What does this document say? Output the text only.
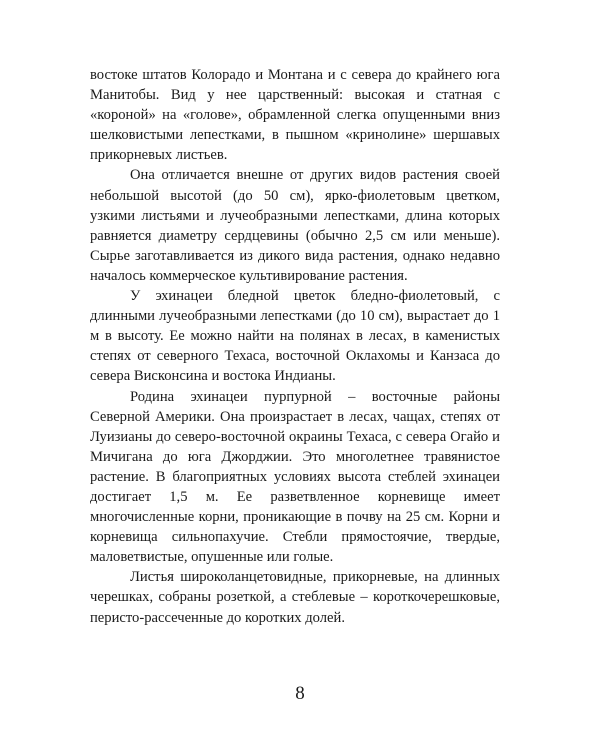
востоке штатов Колорадо и Монтана и с севера до крайнего юга Манитобы. Вид у нее царственный: высокая и статная с «короной» на «голове», обрамленной слегка опущенными вниз шелковистыми лепестками, в пышном «кринолине» шершавых прикорневых листьев.

Она отличается внешне от других видов растения своей небольшой высотой (до 50 см), ярко-фиолетовым цветком, узкими листьями и лучеобразными лепестками, длина которых равняется диаметру сердцевины (обычно 2,5 см или меньше). Сырье заготавливается из дикого вида растения, однако недавно началось коммерческое культивирование растения.

У эхинацеи бледной цветок бледно-фиолетовый, с длинными лучеобразными лепестками (до 10 см), вырастает до 1 м в высоту. Ее можно найти на полянах в лесах, в каменистых степях от северного Техаса, восточной Оклахомы и Канзаса до севера Висконсина и востока Индианы.

Родина эхинацеи пурпурной – восточные районы Северной Америки. Она произрастает в лесах, чащах, степях от Луизианы до северо-восточной окраины Техаса, с севера Огайо и Мичигана до юга Джорджии. Это многолетнее травянистое растение. В благоприятных условиях высота стеблей эхинацеи достигает 1,5 м. Ее разветвленное корневище имеет многочисленные корни, проникающие в почву на 25 см. Корни и корневища сильнопахучие. Стебли прямостоячие, твердые, маловетвистые, опушенные или голые.

Листья широколанцетовидные, прикорневые, на длинных черешках, собраны розеткой, а стеблевые – короткочерешковые, перисто-рассеченные до коротких долей.

8
